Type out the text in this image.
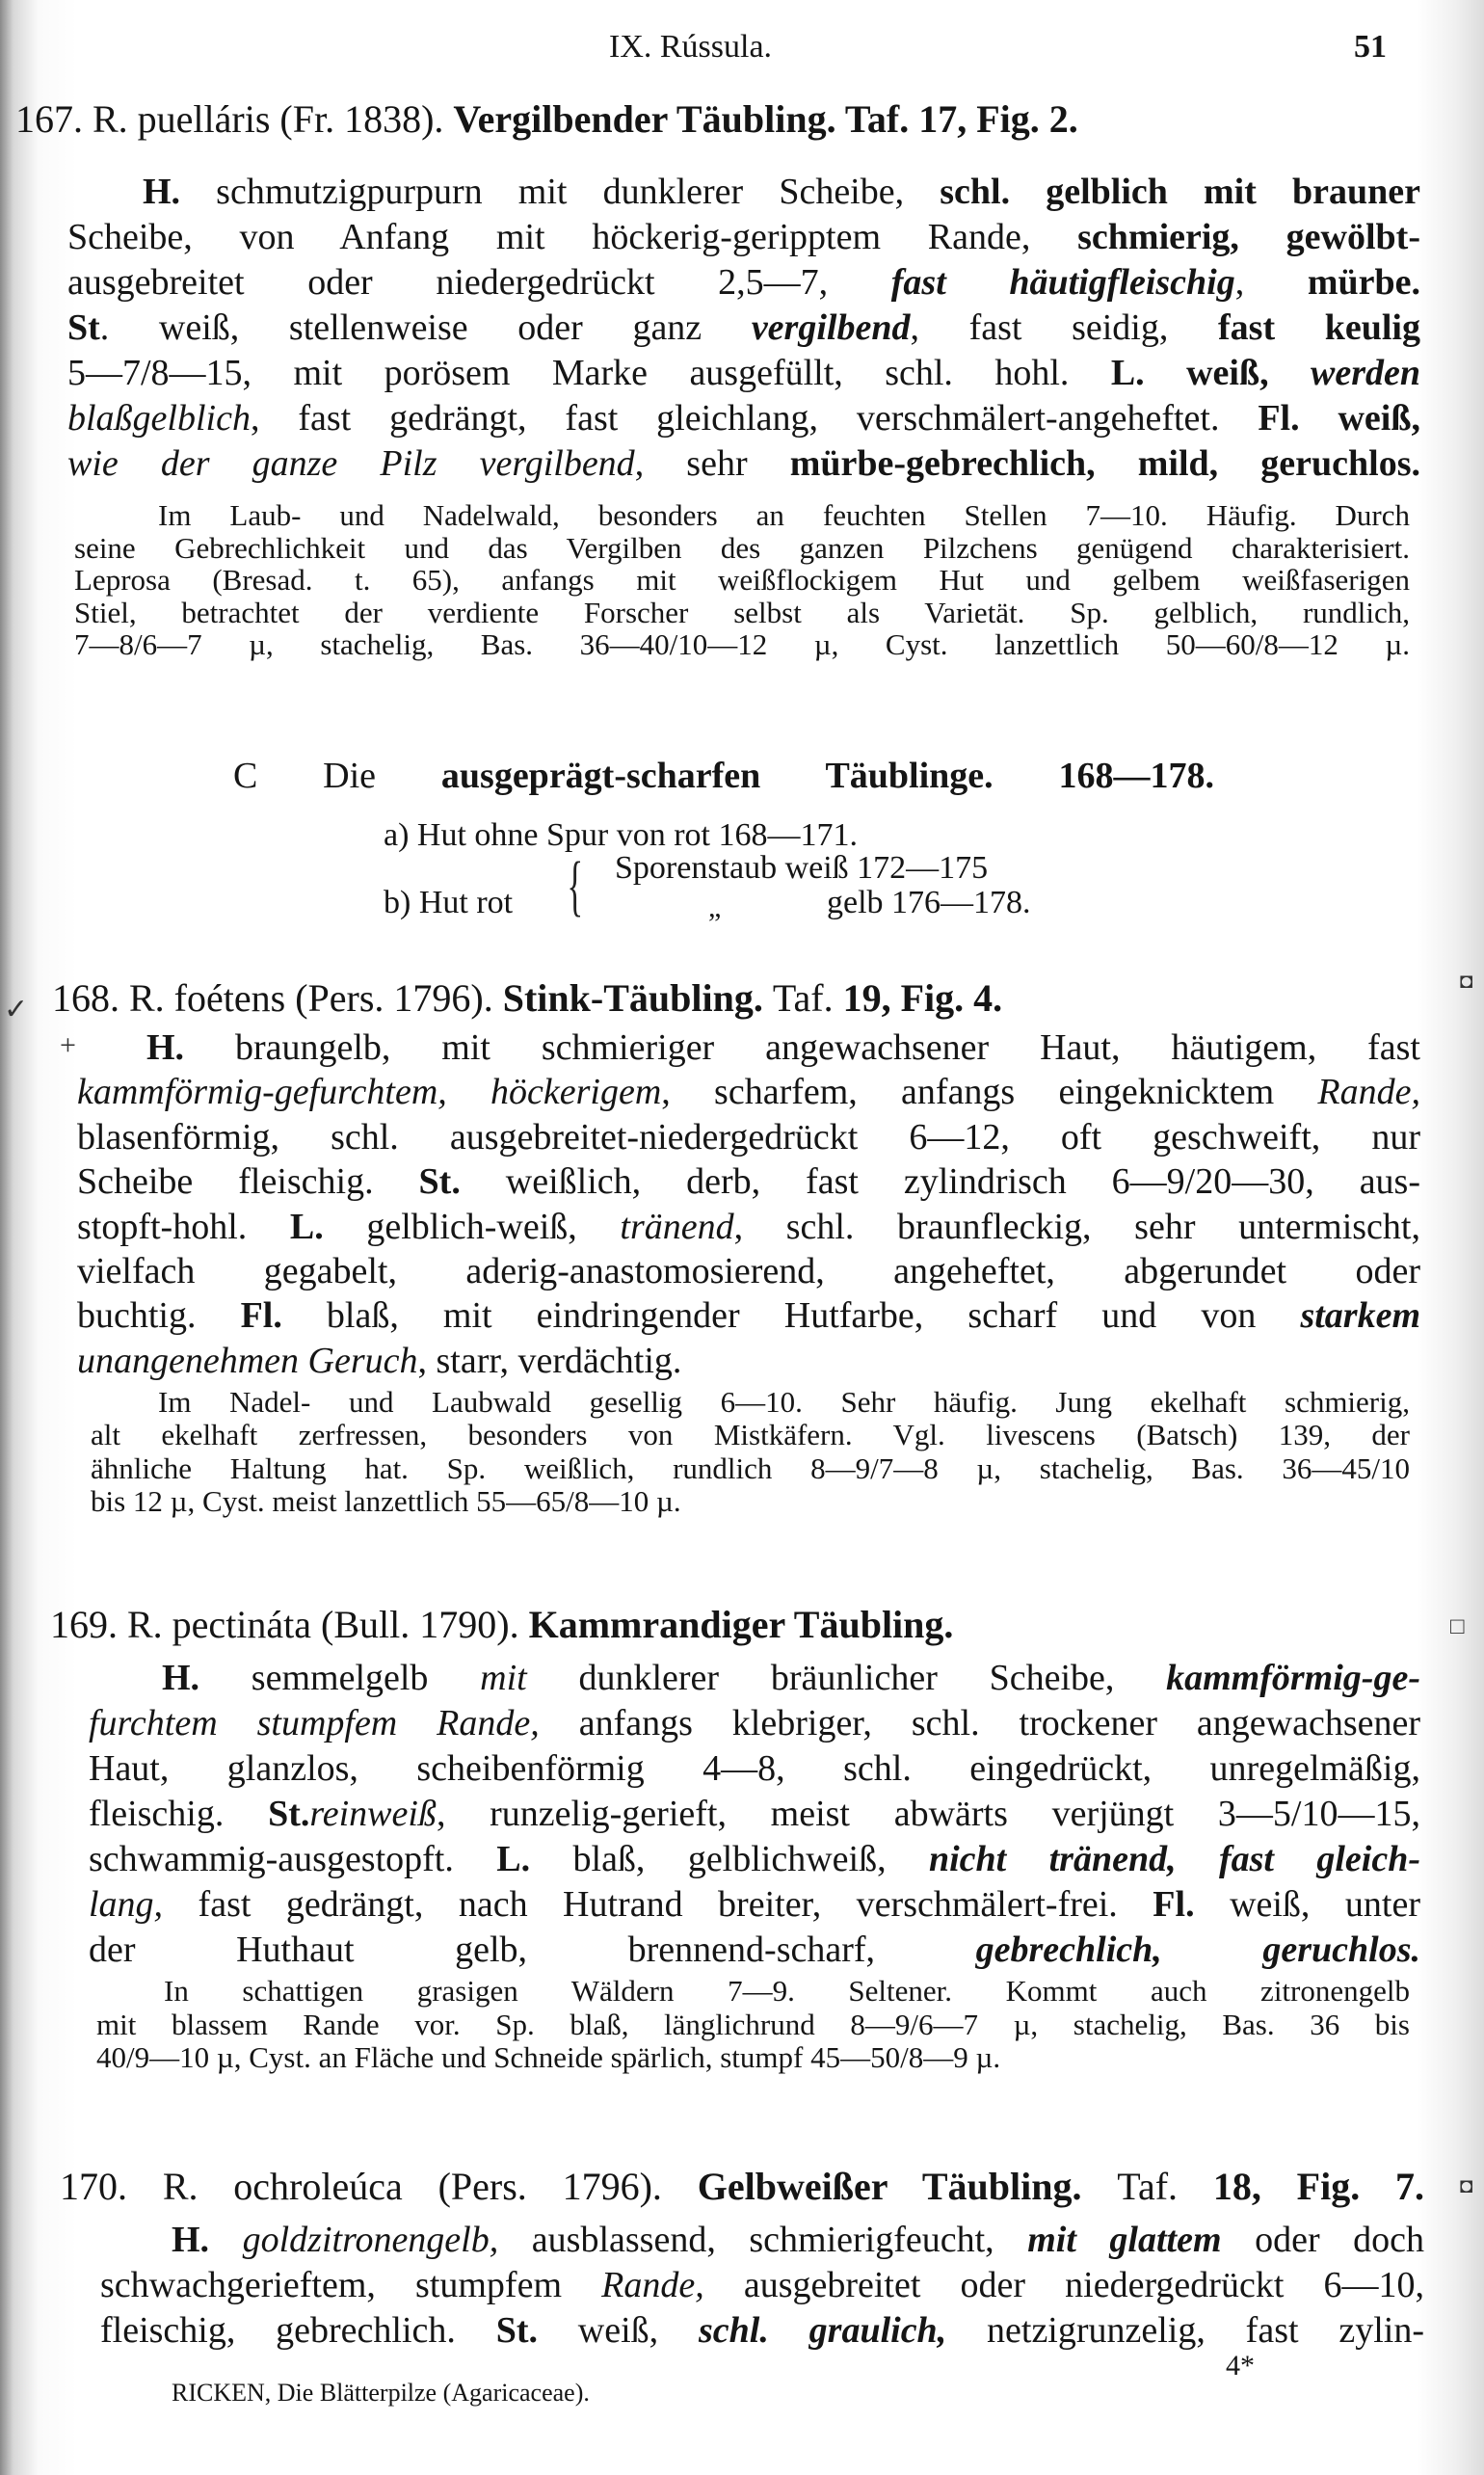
IX. Rússula.	51
167. R. puelláris (Fr. 1838). Vergilbender Täubling. Taf. 17, Fig. 2.
H. schmutzigpurpurn mit dunklerer Scheibe, schl. gelblich mit brauner
Scheibe, von Anfang mit höckerig-geripptem Rande, schmierig, gewölbt-
ausgebreitet oder niedergedrückt 2,5—7, fast häutigfleischig, mürbe.
St. weiß, stellenweise oder ganz vergilbend, fast seidig, fast keulig
5—7/8—15, mit porösem Marke ausgefüllt, schl. hohl. L. weiß, werden
blaßgelblich, fast gedrängt, fast gleichlang, verschmälert-angeheftet. Fl. weiß,
wie der ganze Pilz vergilbend, sehr mürbe-gebrechlich, mild, geruchlos.
Im Laub- und Nadelwald, besonders an feuchten Stellen 7—10. Häufig. Durch
seine Gebrechlichkeit und das Vergilben des ganzen Pilzchens genügend charakterisiert.
Leprosa (Bresad. t. 65), anfangs mit weißflockigem Hut und gelbem weißfaserigen
Stiel, betrachtet der verdiente Forscher selbst als Varietät. Sp. gelblich, rundlich,
7—8/6—7 µ, stachelig, Bas. 36—40/10—12 µ, Cyst. lanzettlich 50—60/8—12 µ.
C Die ausgeprägt-scharfen Täublinge. 168—178.
168. R. foétens (Pers. 1796). Stink-Täubling. Taf. 19, Fig. 4.
H. braungelb, mit schmieriger angewachsener Haut, häutigem, fast
kammförmig-gefurchtem, höckerigem, scharfem, anfangs eingeknicktem Rande,
blasenförmig, schl. ausgebreitet-niedergedrückt 6—12, oft geschweift, nur
Scheibe fleischig. St. weißlich, derb, fast zylindrisch 6—9/20—30, aus-
stopft-hohl. L. gelblich-weiß, tränend, schl. braunfleckig, sehr untermischt,
vielfach gegabelt, aderig-anastomosierend, angeheftet, abgerundet oder
buchtig. Fl. blaß, mit eindringender Hutfarbe, scharf und von starkem
unangenehmen Geruch, starr, verdächtig.
Im Nadel- und Laubwald gesellig 6—10. Sehr häufig. Jung ekelhaft schmierig,
alt ekelhaft zerfressen, besonders von Mistkäfern. Vgl. livescens (Batsch) 139, der
ähnliche Haltung hat. Sp. weißlich, rundlich 8—9/7—8 µ, stachelig, Bas. 36—45/10
bis 12 µ, Cyst. meist lanzettlich 55—65/8—10 µ.
169. R. pectináta (Bull. 1790). Kammrandiger Täubling.
H. semmelgelb mit dunklerer bräunlicher Scheibe, kammförmig-ge-
furchtem stumpfem Rande, anfangs klebriger, schl. trockener angewachsener
Haut, glanzlos, scheibenförmig 4—8, schl. eingedrückt, unregelmäßig,
fleischig. St.reinweiß, runzelig-gerieft, meist abwärts verjüngt 3—5/10—15,
schwammig-ausgestopft. L. blaß, gelblichweiß, nicht tränend, fast gleich-
lang, fast gedrängt, nach Hutrand breiter, verschmälert-frei. Fl. weiß, unter
der Huthaut gelb, brennend-scharf, gebrechlich, geruchlos.
In schattigen grasigen Wäldern 7—9. Seltener. Kommt auch zitronengelb
mit blassem Rande vor. Sp. blaß, länglichrund 8—9/6—7 µ, stachelig, Bas. 36 bis
40/9—10 µ, Cyst. an Fläche und Schneide spärlich, stumpf 45—50/8—9 µ.
170. R. ochroleúca (Pers. 1796). Gelbweißer Täubling. Taf. 18, Fig. 7.
H. goldzitronengelb, ausblassend, schmierigfeucht, mit glattem oder doch
schwachgerieftem, stumpfem Rande, ausgebreitet oder niedergedrückt 6—10,
fleischig, gebrechlich. St. weiß, schl. graulich, netzigrunzelig, fast zylin-
a) Hut ohne Spur von rot 168—171.
b) Hut rot { Sporenstaub weiß 172—175
„	gelb 176—178.
✓
+
◘
□
◘
4*
RICKEN, Die Blätterpilze (Agaricaceae).
